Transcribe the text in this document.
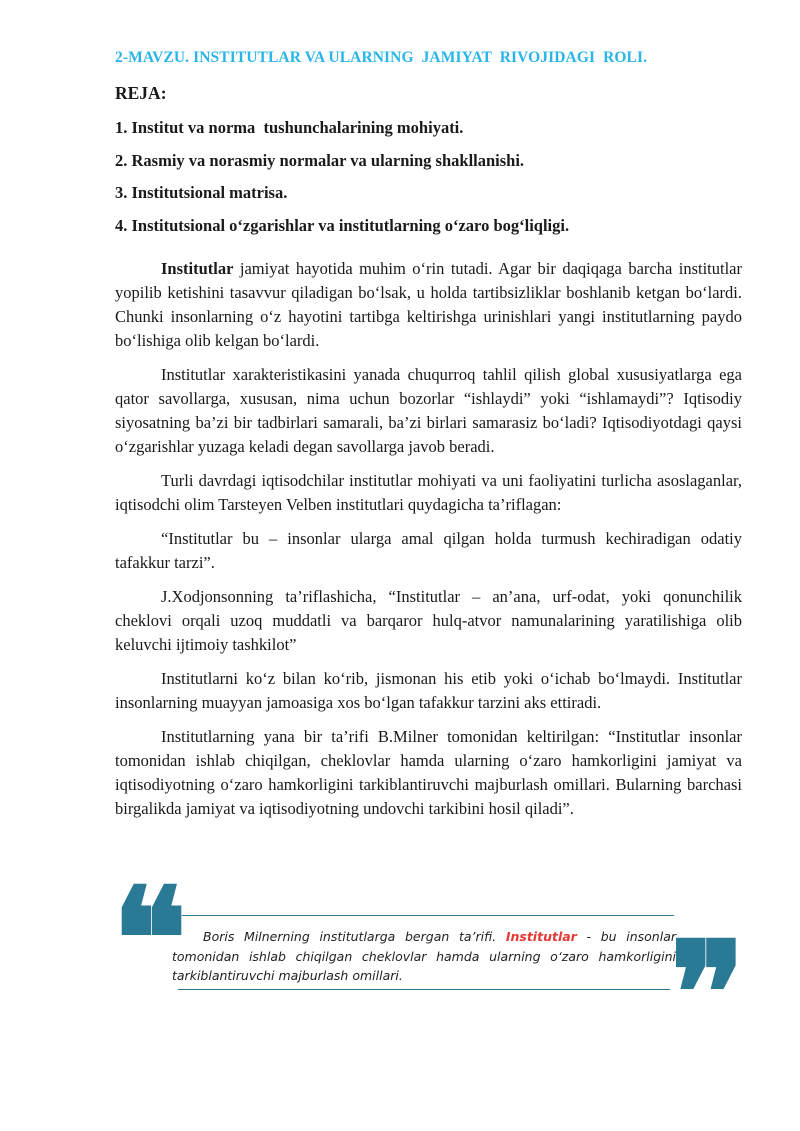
2-MAVZU. INSTITUTLAR VA ULARNING  JAMIYAT  RIVOJIDAGI  ROLI.
REJA:
1. Institut va norma  tushunchalarining mohiyati.
2. Rasmiy va norasmiy normalar va ularning shakllanishi.
3. Institutsional matrisa.
4. Institutsional o‘zgarishlar va institutlarning o‘zaro bog‘liqligi.

Institutlar jamiyat hayotida muhim o‘rin tutadi. Agar bir daqiqaga barcha institutlar yopilib ketishini tasavvur qiladigan bo‘lsak, u holda tartibsizliklar boshlanib ketgan bo‘lardi. Chunki insonlarning o‘z hayotini tartibga keltirishga urinishlari yangi institutlarning paydo bo‘lishiga olib kelgan bo‘lardi.

Institutlar xarakteristikasini yanada chuqurroq tahlil qilish global xususiyatlarga ega qator savollarga, xususan, nima uchun bozorlar “ishlaydi” yoki “ishlamaydi”? Iqtisodiy siyosatning ba’zi bir tadbirlari samarali, ba’zi birlari samarasiz bo‘ladi? Iqtisodiyotdagi qaysi o‘zgarishlar yuzaga keladi degan savollarga javob beradi.

Turli davrdagi iqtisodchilar institutlar mohiyati va uni faoliyatini turlicha asoslaganlar, iqtisodchi olim Tarsteyen Velben institutlari quydagicha ta’riflagan:

“Institutlar bu – insonlar ularga amal qilgan holda turmush kechiradigan odatiy tafakkur tarzi”.

J.Xodjonsonning ta’riflashicha, “Institutlar – an’ana, urf-odat, yoki qonunchilik cheklovi orqali uzoq muddatli va barqaror hulq-atvor namunalarining yaratilishiga olib keluvchi ijtimoiy tashkilot”

Institutlarni ko‘z bilan ko‘rib, jismonan his etib yoki o‘ichab bo‘lmaydi. Institutlar insonlarning muayyan jamoasiga xos bo‘lgan tafakkur tarzini aks ettiradi.

Institutlarning yana bir ta’rifi B.Milner tomonidan keltirilgan: “Institutlar insonlar tomonidan ishlab chiqilgan, cheklovlar hamda ularning o‘zaro hamkorligini jamiyat va iqtisodiyotning o‘zaro hamkorligini tarkiblantiruvchi majburlash omillari. Bularning barchasi birgalikda jamiyat va iqtisodiyotning undovchi tarkibini hosil qiladi”.

❝	Boris Milnerning institutlarga bergan ta’rifi. Institutlar - bu insonlar tomonidan ishlab chiqilgan cheklovlar hamda ularning o‘zaro hamkorligini tarkiblantiruvchi majburlash omillari.	❞
